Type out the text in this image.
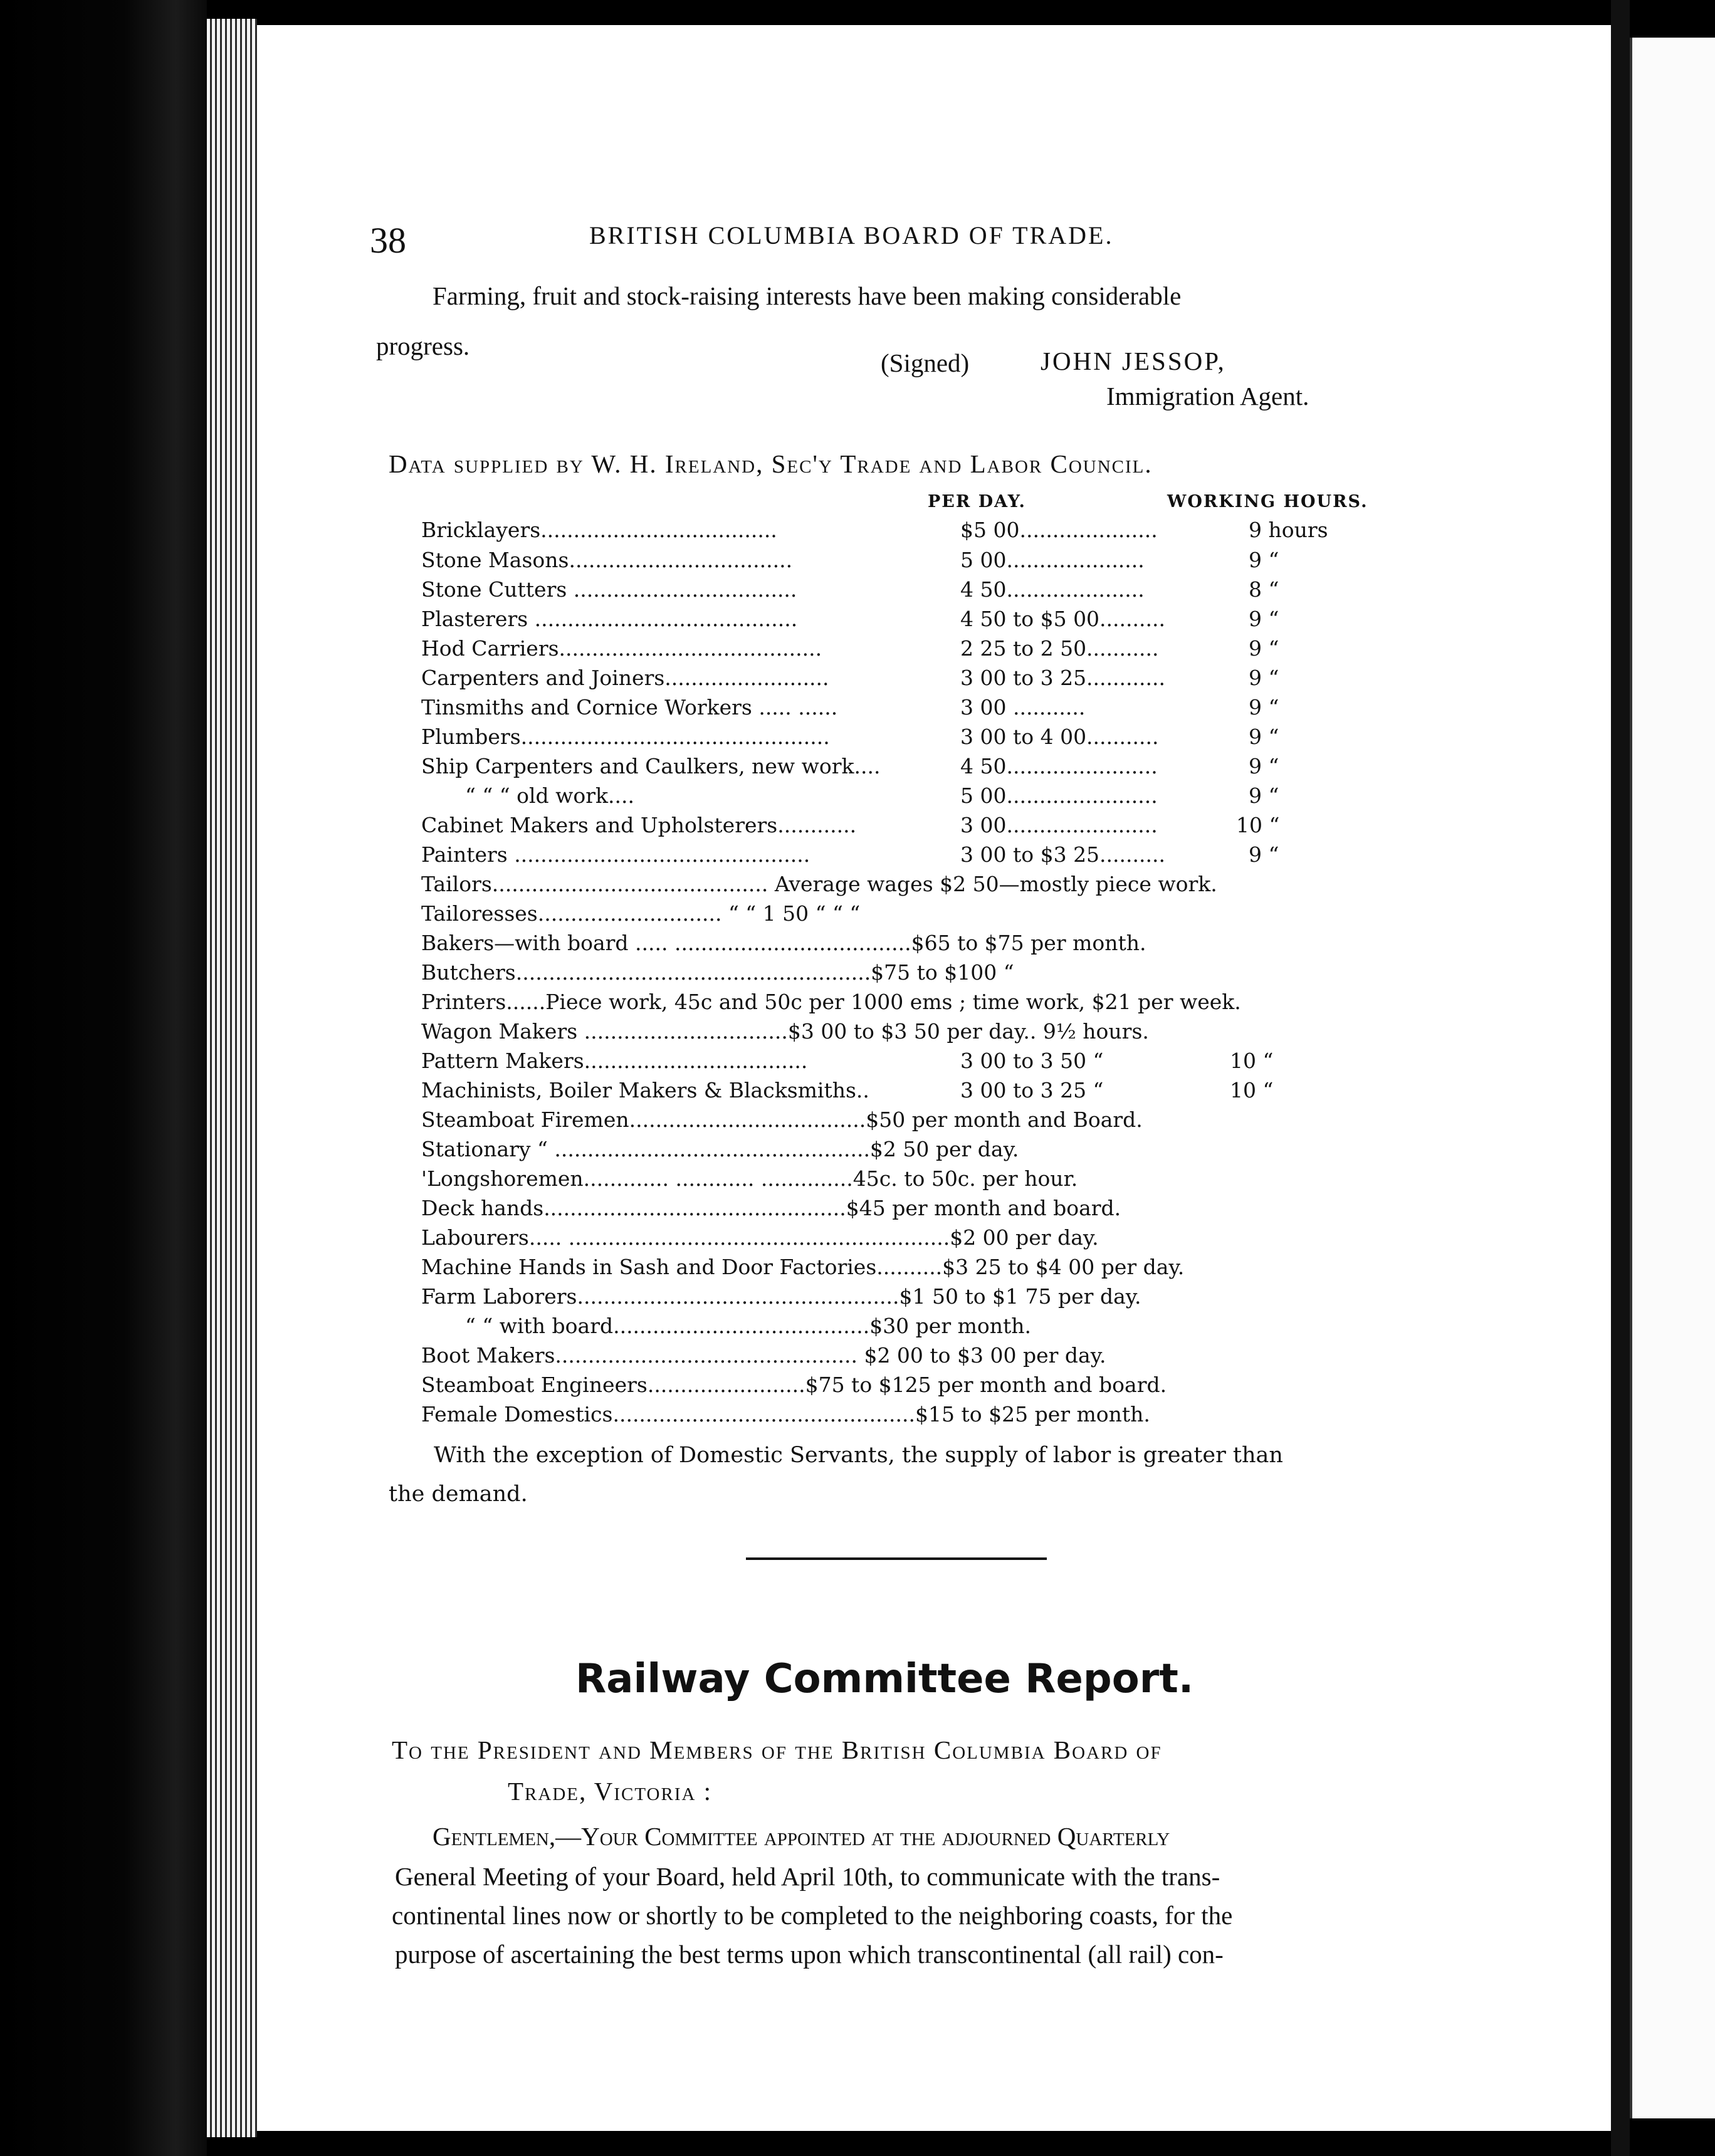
38	BRITISH COLUMBIA BOARD OF TRADE.
Farming, fruit and stock-raising interests have been making considerable
progress.
(Signed)	JOHN JESSOP,
Immigration Agent.
Data supplied by W. H. Ireland, Sec'y Trade and Labor Council.
PER DAY.	WORKING HOURS.
Bricklayers....................................	$5 00.....................	9 hours
Stone Masons..................................	5 00.....................	9 “
Stone Cutters ..................................	4 50.....................	8 “
Plasterers ........................................	4 50 to $5 00..........	9 “
Hod Carriers........................................	2 25 to 2 50...........	9 “
Carpenters and Joiners.........................	3 00 to 3 25............	9 “
Tinsmiths and Cornice Workers ..... ......	3 00 ...........	9 “
Plumbers...............................................	3 00 to 4 00...........	9 “
Ship Carpenters and Caulkers, new work....	4 50.......................	9 “
“ “ “ old work....	5 00.......................	9 “
Cabinet Makers and Upholsterers............	3 00.......................	10 “
Painters .............................................	3 00 to $3 25..........	9 “
Tailors.......................................... Average wages $2 50—mostly piece work.
Tailoresses............................ “ “ 1 50 “ “ “
Bakers—with board ..... ....................................$65 to $75 per month.
Butchers......................................................$75 to $100 “
Printers......Piece work, 45c and 50c per 1000 ems ; time work, $21 per week.
Wagon Makers ...............................$3 00 to $3 50 per day.. 9½ hours.
Pattern Makers..................................	3 00 to 3 50 “	10 “
Machinists, Boiler Makers & Blacksmiths..	3 00 to 3 25 “	10 “
Steamboat Firemen....................................$50 per month and Board.
Stationary “ ................................................$2 50 per day.
'Longshoremen............. ............ ..............45c. to 50c. per hour.
Deck hands..............................................$45 per month and board.
Labourers..... ..........................................................$2 00 per day.
Machine Hands in Sash and Door Factories..........$3 25 to $4 00 per day.
Farm Laborers.................................................$1 50 to $1 75 per day.
“ “ with board.......................................$30 per month.
Boot Makers.............................................. $2 00 to $3 00 per day.
Steamboat Engineers........................$75 to $125 per month and board.
Female Domestics..............................................$15 to $25 per month.
With the exception of Domestic Servants, the supply of labor is greater than
the demand.
Railway Committee Report.
To the President and Members of the British Columbia Board of
Trade, Victoria :
Gentlemen,—Your Committee appointed at the adjourned Quarterly
General Meeting of your Board, held April 10th, to communicate with the trans-
continental lines now or shortly to be completed to the neighboring coasts, for the
purpose of ascertaining the best terms upon which transcontinental (all rail) con-
